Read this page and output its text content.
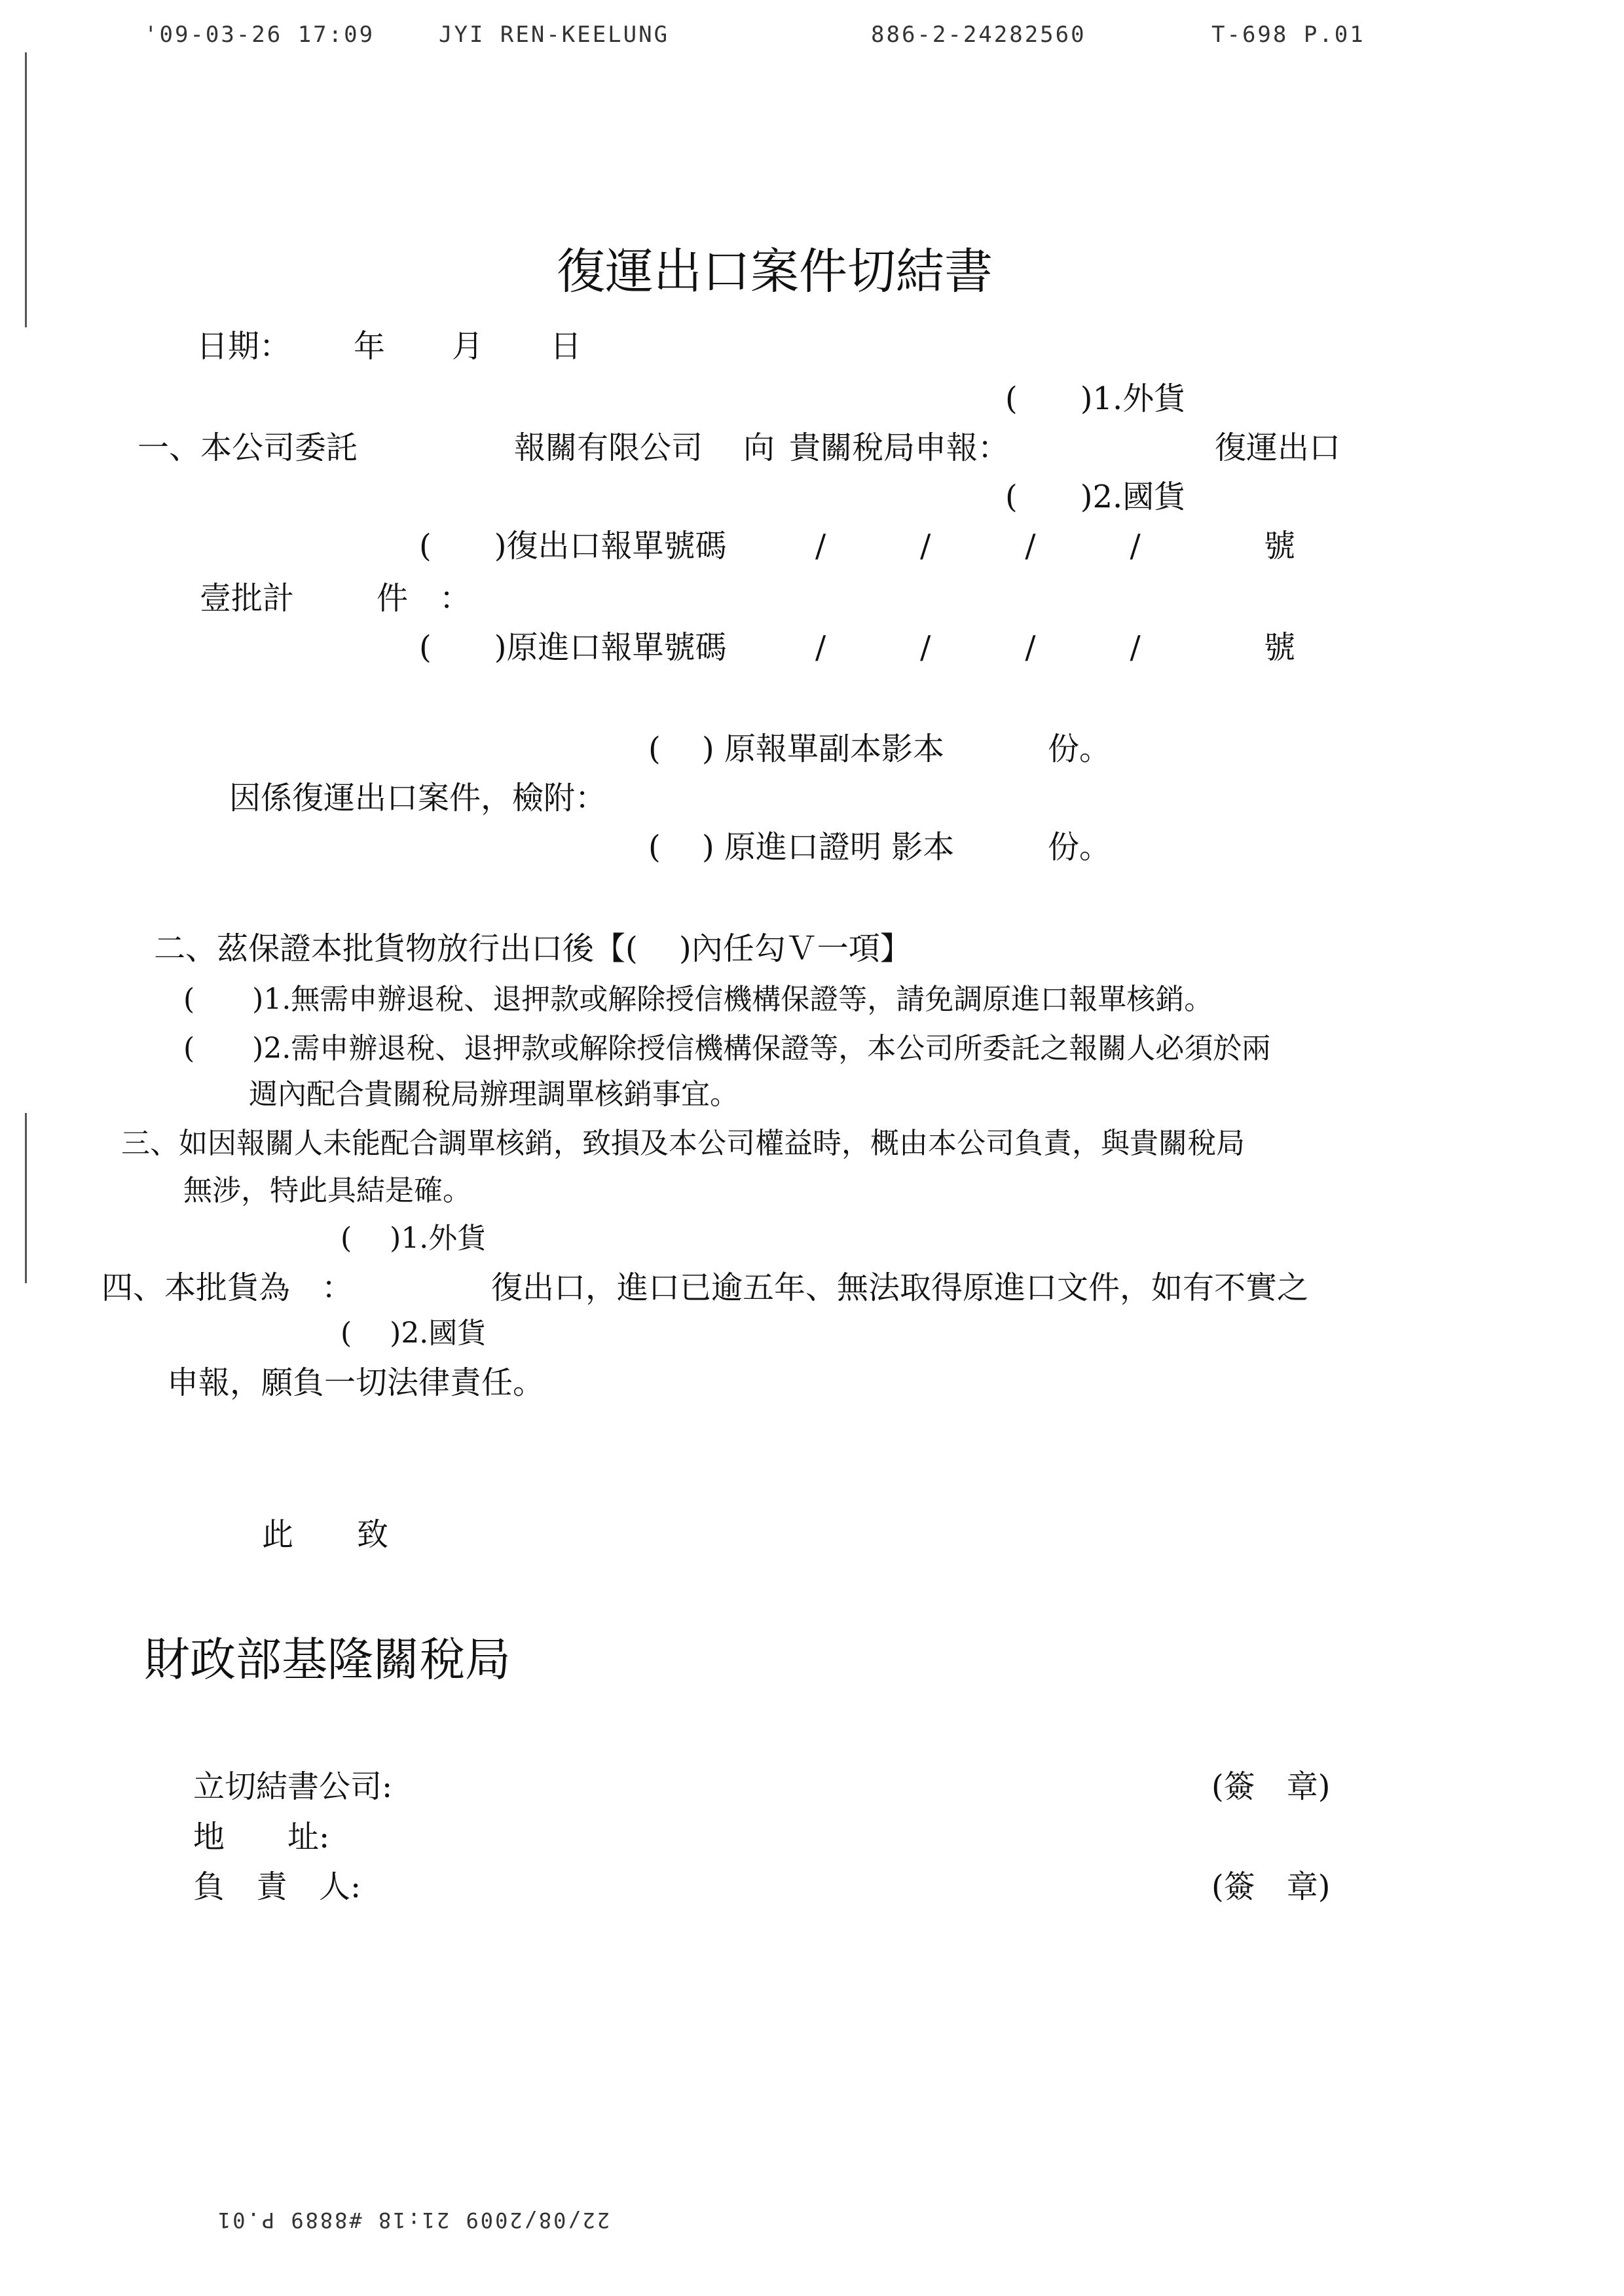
'09-03-26 17:09	JYI REN-KEELUNG	886-2-24282560	T-698 P.01
復運出口案件切結書
日期： 年 月 日
(　　)1.外貨
一、本公司委託	報關有限公司 向 貴關稅局申報：	復運出口
(　　)2.國貨
(　　)復出口報單號碼	/　　　/　　　/　　　/	號
壹批計	件　：
(　　)原進口報單號碼	/　　　/　　　/　　　/	號
(　 ) 原報單副本影本	份。
因係復運出口案件，檢附：
(　 ) 原進口證明 影本	份。
二、茲保證本批貨物放行出口後【(　 )內任勾Ｖ一項】
(　　)1.無需申辦退稅、退押款或解除授信機構保證等，請免調原進口報單核銷。
(　　)2.需申辦退稅、退押款或解除授信機構保證等，本公司所委託之報關人必須於兩
週內配合貴關稅局辦理調單核銷事宜。
三、如因報關人未能配合調單核銷，致損及本公司權益時，概由本公司負責，與貴關稅局
無涉，特此具結是確。
(　 )1.外貨
四、本批貨為　：	復出口，進口已逾五年、無法取得原進口文件，如有不實之
(　 )2.國貨
申報，願負一切法律責任。
此 致
財政部基隆關稅局
立切結書公司:	(簽　章)
地　　址:
負　責　人:	(簽　章)
22/08/2009 21:18 #8889 P.01
